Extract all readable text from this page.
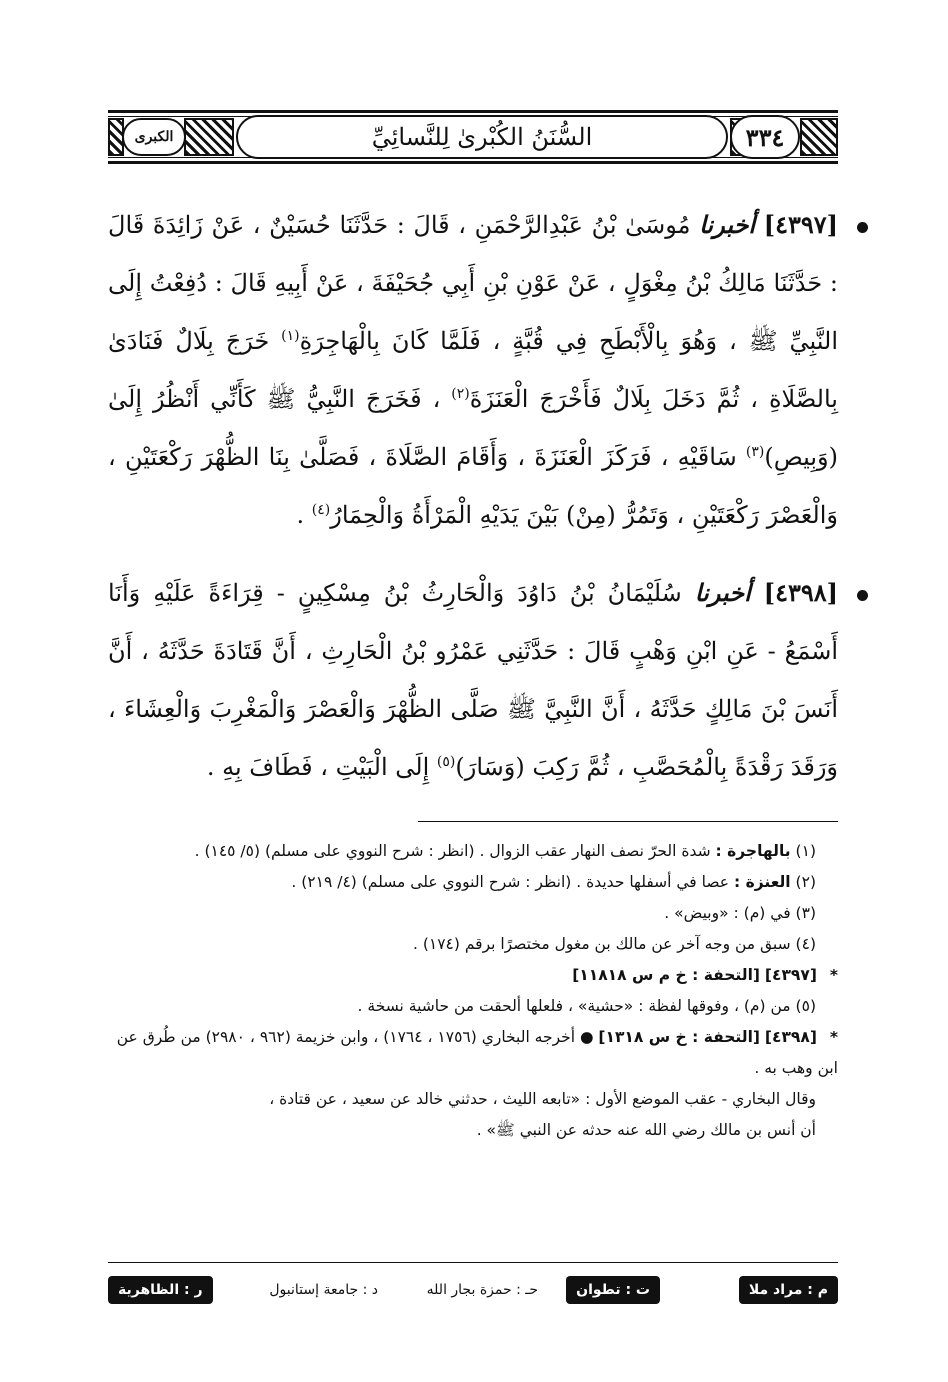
الكبرى	السُّنَنُ الكُبْرىٰ لِلنَّسائِيِّ	٣٣٤
[٤٣٩٧] أخبرنا مُوسَىٰ بْنُ عَبْدِالرَّحْمَنِ ، قَالَ : حَدَّثَنَا حُسَيْنٌ ، عَنْ زَائِدَةَ قَالَ : حَدَّثَنَا مَالِكُ بْنُ مِغْوَلٍ ، عَنْ عَوْنِ بْنِ أَبِي جُحَيْفَةَ ، عَنْ أَبِيهِ قَالَ : دُفِعْتُ إِلَى النَّبِيِّ ﷺ ، وَهُوَ بِالْأَبْطَحِ فِي قُبَّةٍ ، فَلَمَّا كَانَ بِالْهَاجِرَةِ$^{(١)}$ خَرَجَ بِلَالٌ فَنَادَىٰ بِالصَّلَاةِ ، ثُمَّ دَخَلَ بِلَالٌ فَأَخْرَجَ الْعَنَزَةَ$^{(٢)}$ ، فَخَرَجَ النَّبِيُّ ﷺ كَأَنِّي أَنْظُرُ إِلَىٰ (وَبِيصِ)$^{(٣)}$ سَاقَيْهِ ، فَرَكَزَ الْعَنَزَةَ ، وَأَقَامَ الصَّلَاةَ ، فَصَلَّىٰ بِنَا الظُّهْرَ رَكْعَتَيْنِ ، وَالْعَصْرَ رَكْعَتَيْنِ ، وَتَمُرُّ (مِنْ) بَيْنَ يَدَيْهِ الْمَرْأَةُ وَالْحِمَارُ$^{(٤)}$ .
[٤٣٩٨] أخبرنا سُلَيْمَانُ بْنُ دَاوُدَ وَالْحَارِثُ بْنُ مِسْكِينٍ - قِرَاءَةً عَلَيْهِ وَأَنَا أَسْمَعُ - عَنِ ابْنِ وَهْبٍ قَالَ : حَدَّثَنِي عَمْرُو بْنُ الْحَارِثِ ، أَنَّ قَتَادَةَ حَدَّثَهُ ، أَنَّ أَنَسَ بْنَ مَالِكٍ حَدَّثَهُ ، أَنَّ النَّبِيَّ ﷺ صَلَّى الظُّهْرَ وَالْعَصْرَ وَالْمَغْرِبَ وَالْعِشَاءَ ، وَرَقَدَ رَقْدَةً بِالْمُحَصَّبِ ، ثُمَّ رَكِبَ (وَسَارَ)$^{(٥)}$ إِلَى الْبَيْتِ ، فَطَافَ بِهِ .

(١) بالهاجرة : شدة الحرّ نصف النهار عقب الزوال . (انظر : شرح النووي على مسلم) (٥/ ١٤٥) .

(٢) العنزة : عصا في أسفلها حديدة . (انظر : شرح النووي على مسلم) (٤/ ٢١٩) .

(٣) في (م) : «وبيض» .

(٤) سبق من وجه آخر عن مالك بن مغول مختصرًا برقم (١٧٤) .

* [٤٣٩٧] [التحفة : خ م س ١١٨١٨]

(٥) من (م) ، وفوقها لفظة : «حشية» ، فلعلها ألحقت من حاشية نسخة .

* [٤٣٩٨] [التحفة : خ س ١٣١٨] ● أخرجه البخاري (١٧٥٦ ، ١٧٦٤) ، وابن خزيمة (٩٦٢ ، ٢٩٨٠) من طُرق عن ابن وهب به .

وقال البخاري - عقب الموضع الأول : «تابعه الليث ، حدثني خالد عن سعيد ، عن قتادة ،

أن أنس بن مالك رضي الله عنه حدثه عن النبي ﷺ» .

م : مراد ملا
ت : تطوان
حـ : حمزة بجار الله
د : جامعة إستانبول
ر : الظاهرية
